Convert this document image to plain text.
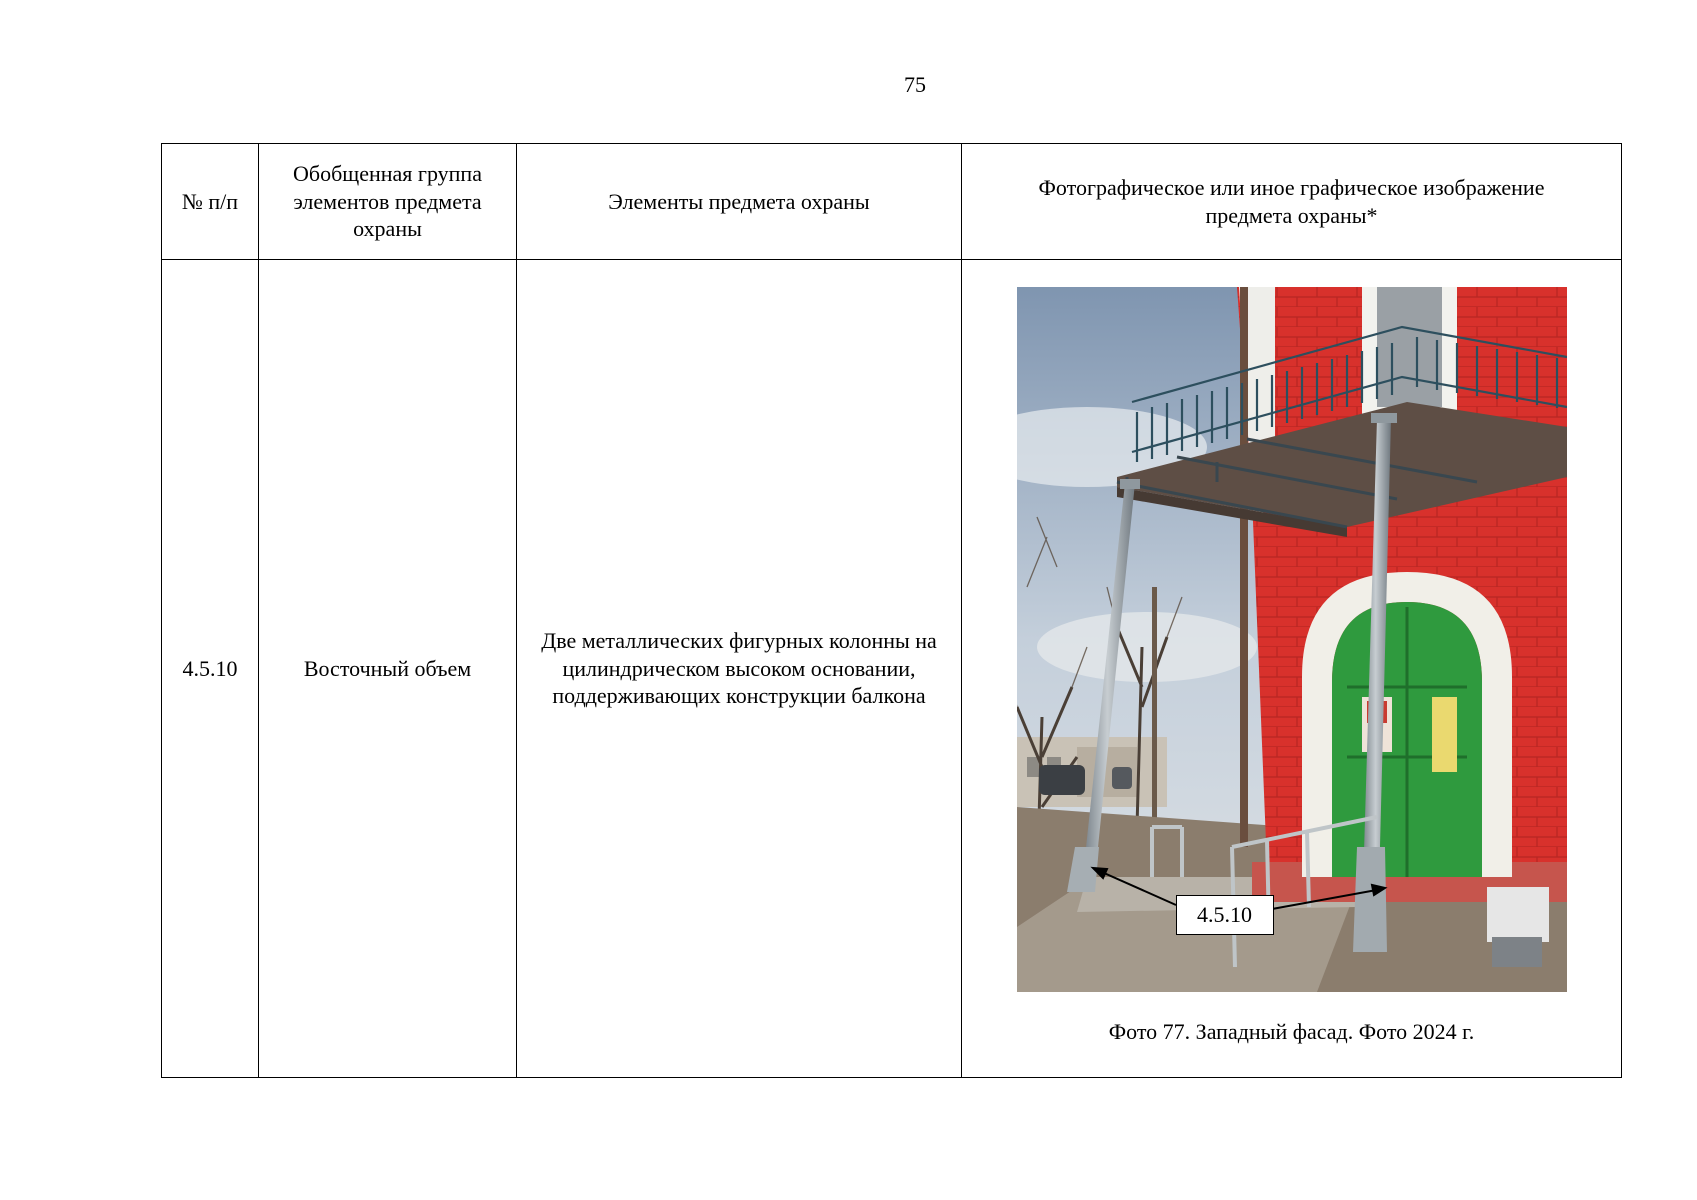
75
№ п/п	Обобщенная группа элементов предмета охраны	Элементы предмета охраны	Фотографическое или иное графическое изображение предмета охраны*
4.5.10	Восточный объем	Две металлических фигурных колонны на цилиндрическом высоком основании, поддерживающих конструкции балкона	4.5.10
Фото 77. Западный фасад. Фото 2024 г.
